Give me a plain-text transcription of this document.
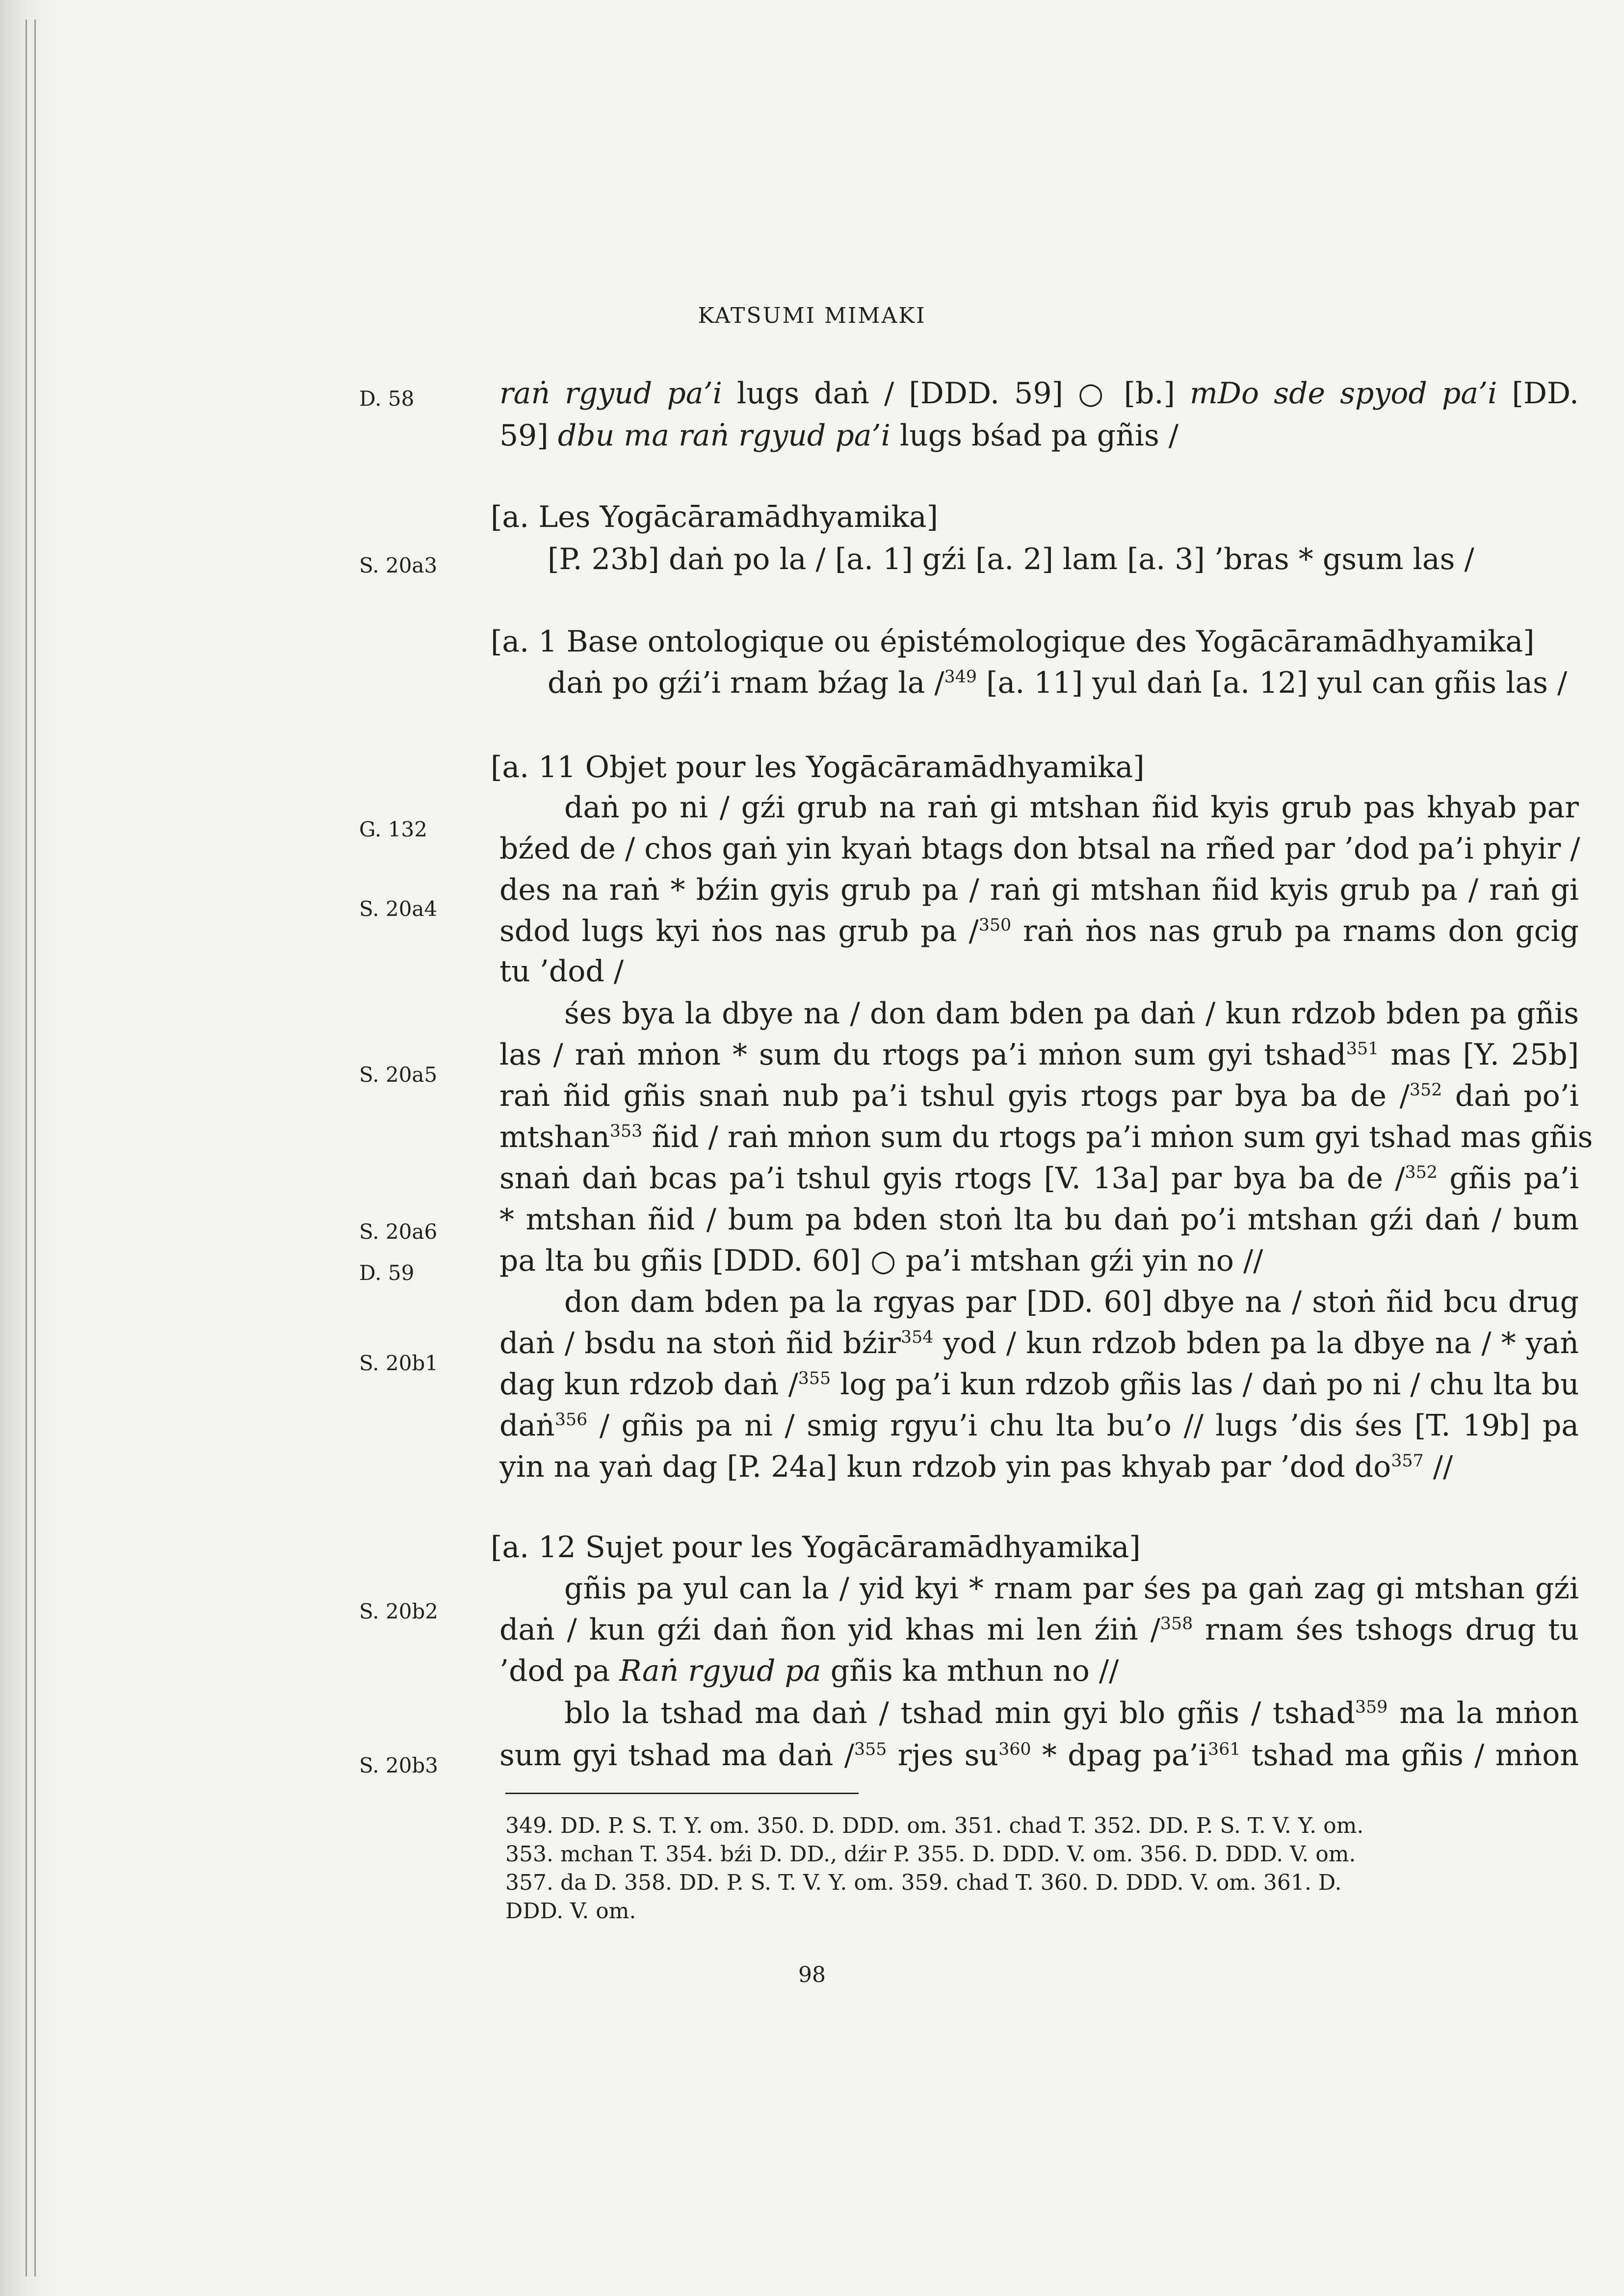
KATSUMI MIMAKI
D. 58
S. 20a3
G. 132
S. 20a4
S. 20a5
S. 20a6
D. 59
S. 20b1
S. 20b2
S. 20b3
raṅ rgyud pa’i lugs daṅ / [DDD. 59] ○ [b.] mDo sde spyod pa’i [DD.
59] dbu ma raṅ rgyud pa’i lugs bśad pa gñis /
[a. Les Yogācāramādhyamika]
[P. 23b] daṅ po la / [a. 1] gźi [a. 2] lam [a. 3] ’bras * gsum las /
[a. 1 Base ontologique ou épistémologique des Yogācāramādhyamika]
daṅ po gźi’i rnam bźag la /$^{349}$ [a. 11] yul daṅ [a. 12] yul can gñis las /
[a. 11 Objet pour les Yogācāramādhyamika]
daṅ po ni / gźi grub na raṅ gi mtshan ñid kyis grub pas khyab par
bźed de / chos gaṅ yin kyaṅ btags don btsal na rñed par ’dod pa’i phyir /
des na raṅ * bźin gyis grub pa / raṅ gi mtshan ñid kyis grub pa / raṅ gi
sdod lugs kyi ṅos nas grub pa /$^{350}$ raṅ ṅos nas grub pa rnams don gcig
tu ’dod /
śes bya la dbye na / don dam bden pa daṅ / kun rdzob bden pa gñis
las / raṅ mṅon * sum du rtogs pa’i mṅon sum gyi tshad$^{351}$ mas [Y. 25b]
raṅ ñid gñis snaṅ nub pa’i tshul gyis rtogs par bya ba de /$^{352}$ daṅ po’i
mtshan$^{353}$ ñid / raṅ mṅon sum du rtogs pa’i mṅon sum gyi tshad mas gñis
snaṅ daṅ bcas pa’i tshul gyis rtogs [V. 13a] par bya ba de /$^{352}$ gñis pa’i
* mtshan ñid / bum pa bden stoṅ lta bu daṅ po’i mtshan gźi daṅ / bum
pa lta bu gñis [DDD. 60] ○ pa’i mtshan gźi yin no //
don dam bden pa la rgyas par [DD. 60] dbye na / stoṅ ñid bcu drug
daṅ / bsdu na stoṅ ñid bźir$^{354}$ yod / kun rdzob bden pa la dbye na / * yaṅ
dag kun rdzob daṅ /$^{355}$ log pa’i kun rdzob gñis las / daṅ po ni / chu lta bu
daṅ$^{356}$ / gñis pa ni / smig rgyu’i chu lta bu’o // lugs ’dis śes [T. 19b] pa
yin na yaṅ dag [P. 24a] kun rdzob yin pas khyab par ’dod $do^{357}$ //
[a. 12 Sujet pour les Yogācāramādhyamika]
gñis pa yul can la / yid kyi * rnam par śes pa gaṅ zag gi mtshan gźi
daṅ / kun gźi daṅ ñon yid khas mi len źiṅ /$^{358}$ rnam śes tshogs drug tu
’dod pa Raṅ rgyud pa gñis ka mthun no //
blo la tshad ma daṅ / tshad min gyi blo gñis / tshad$^{359}$ ma la mṅon
sum gyi tshad ma daṅ /$^{355}$ rjes $su^{360}$ * dpag $pa’i^{361}$ tshad ma gñis / mṅon
349. DD. P. S. T. Y. om. 350. D. DDD. om. 351. chad T. 352. DD. P. S. T. V. Y. om.
353. mchan T. 354. bźi D. DD., dźir P. 355. D. DDD. V. om. 356. D. DDD. V. om.
357. da D. 358. DD. P. S. T. V. Y. om. 359. chad T. 360. D. DDD. V. om. 361. D.
DDD. V. om.
98
